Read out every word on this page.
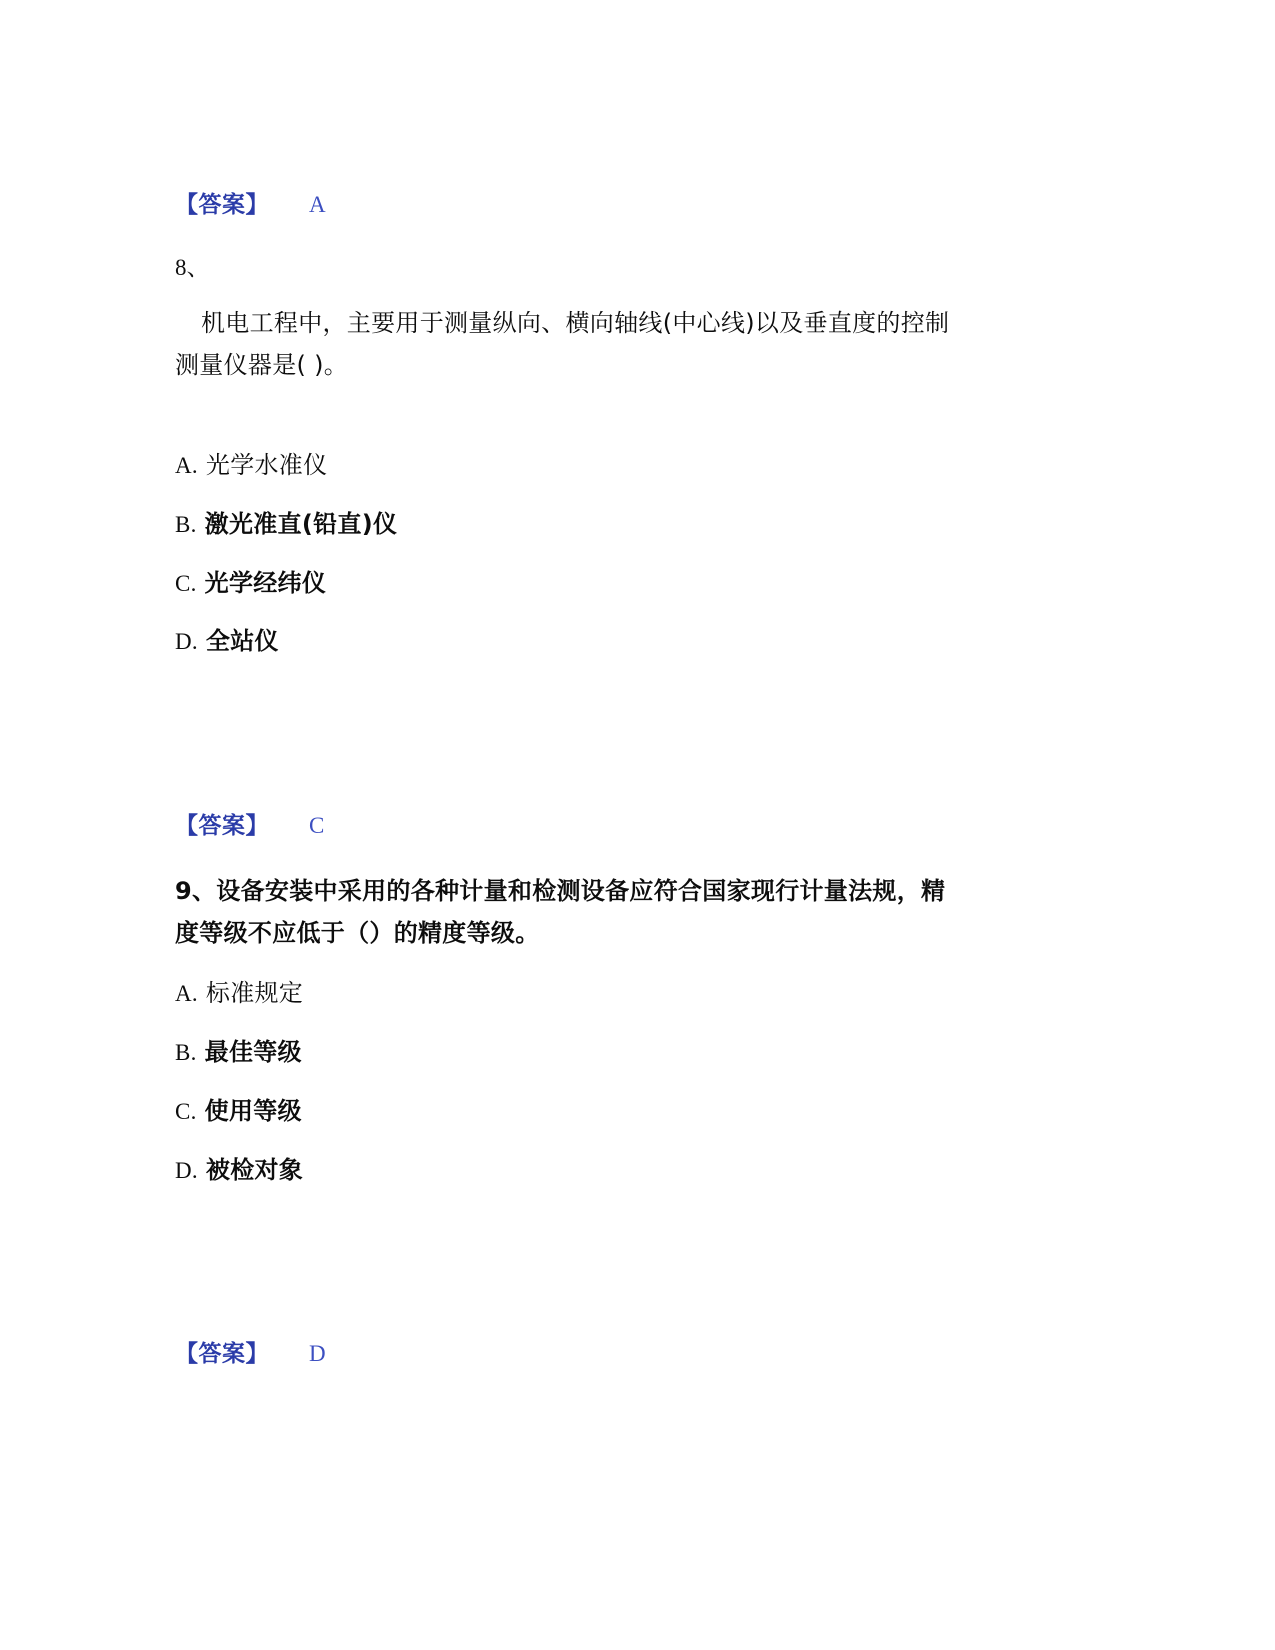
【答案】 A
8、
机电工程中，主要用于测量纵向、横向轴线(中心线)以及垂直度的控制
测量仪器是( )。
A. 光学水准仪
B. 激光准直(铅直)仪
C. 光学经纬仪
D. 全站仪
【答案】 C
9、设备安装中采用的各种计量和检测设备应符合国家现行计量法规，精
度等级不应低于（）的精度等级。
A. 标准规定
B. 最佳等级
C. 使用等级
D. 被检对象
【答案】 D
